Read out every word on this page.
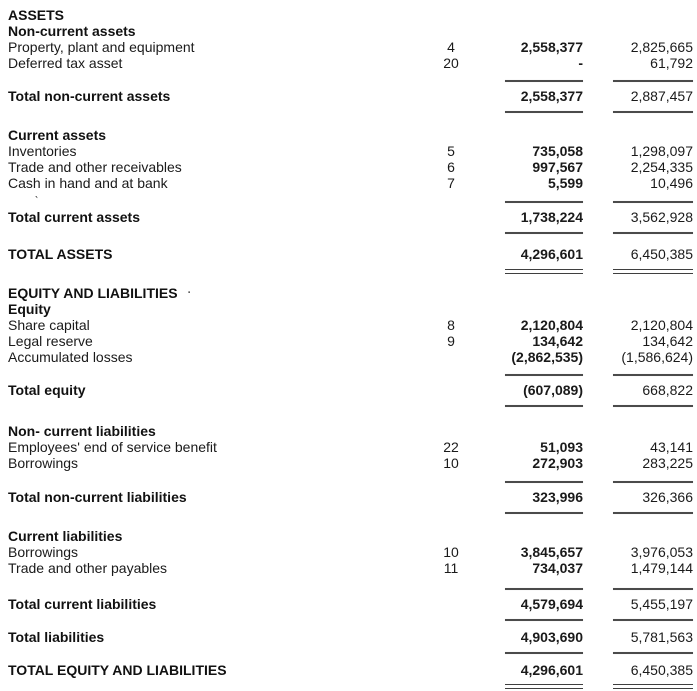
ASSETS
Non-current assets
Property, plant and equipment	4	2,558,377	2,825,665
Deferred tax asset	20	-	61,792
Total non-current assets	2,558,377	2,887,457
Current assets
Inventories	5	735,058	1,298,097
Trade and other receivables	6	997,567	2,254,335
Cash in hand and at bank	7	5,599	10,496
Total current assets	1,738,224	3,562,928
TOTAL ASSETS	4,296,601	6,450,385
EQUITY AND LIABILITIES ·
Equity
Share capital	8	2,120,804	2,120,804
Legal reserve	9	134,642	134,642
Accumulated losses	(2,862,535)	(1,586,624)
Total equity	(607,089)	668,822
Non- current liabilities
Employees' end of service benefit	22	51,093	43,141
Borrowings	10	272,903	283,225
Total non-current liabilities	323,996	326,366
Current liabilities
Borrowings	10	3,845,657	3,976,053
Trade and other payables	11	734,037	1,479,144
Total current liabilities	4,579,694	5,455,197
Total liabilities	4,903,690	5,781,563
TOTAL EQUITY AND LIABILITIES	4,296,601	6,450,385
`
